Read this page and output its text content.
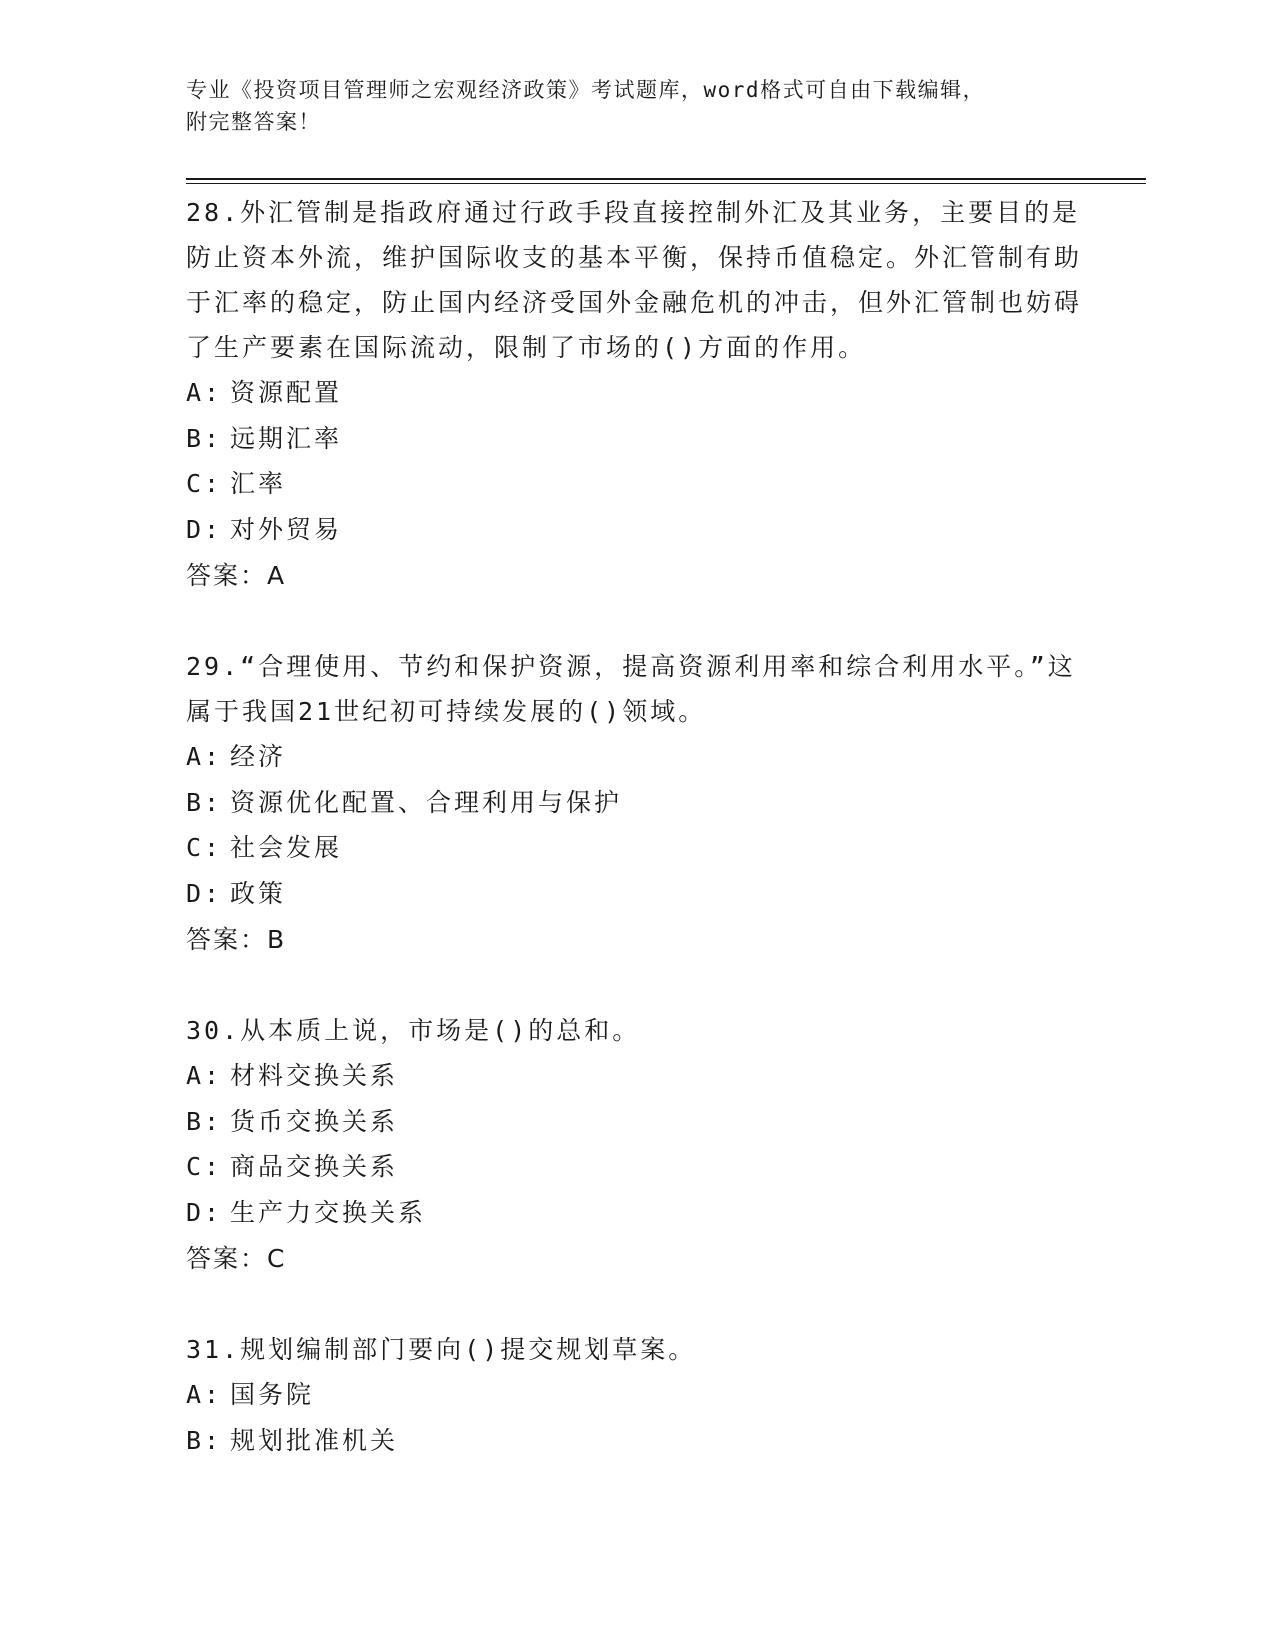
专业《投资项目管理师之宏观经济政策》考试题库，word格式可自由下载编辑，
附完整答案！
28.外汇管制是指政府通过行政手段直接控制外汇及其业务，主要目的是防止资本外流，维护国际收支的基本平衡，保持币值稳定。外汇管制有助于汇率的稳定，防止国内经济受国外金融危机的冲击，但外汇管制也妨碍了生产要素在国际流动，限制了市场的()方面的作用。
A: 资源配置
B: 远期汇率
C: 汇率
D: 对外贸易
答案：A
29.“合理使用、节约和保护资源，提高资源利用率和综合利用水平。”这属于我国21世纪初可持续发展的()领域。
A: 经济
B: 资源优化配置、合理利用与保护
C: 社会发展
D: 政策
答案：B
30.从本质上说，市场是()的总和。
A: 材料交换关系
B: 货币交换关系
C: 商品交换关系
D: 生产力交换关系
答案：C
31.规划编制部门要向()提交规划草案。
A: 国务院
B: 规划批准机关
